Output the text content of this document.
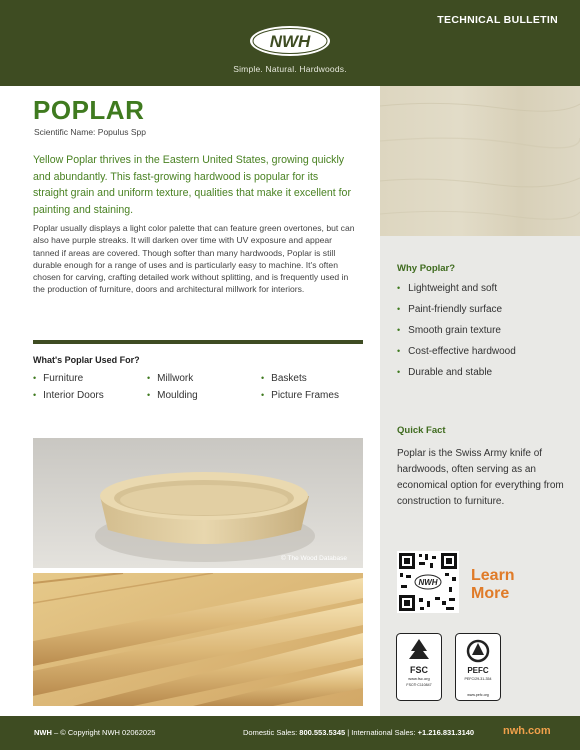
TECHNICAL BULLETIN
NWH
Simple. Natural. Hardwoods.
POPLAR
Scientific Name: Populus Spp

Yellow Poplar thrives in the Eastern United States, growing quickly and abundantly. This fast-growing hardwood is popular for its straight grain and uniform texture, qualities that make it excellent for painting and staining.

Poplar usually displays a light color palette that can feature green overtones, but can also have purple streaks. It will darken over time with UV exposure and appear tanned if areas are covered. Though softer than many hardwoods, Poplar is still durable enough for a range of uses and is particularly easy to machine. It's often chosen for carving, crafting detailed work without splitting, and is frequently used in the production of furniture, doors and architectural millwork for interiors.

What's Poplar Used For?
• Furniture	• Millwork	• Baskets
• Interior Doors	• Moulding	• Picture Frames
© The Wood Database
Why Poplar?
• Lightweight and soft
• Paint-friendly surface
• Smooth grain texture
• Cost-effective hardwood
• Durable and stable
Quick Fact

Poplar is the Swiss Army knife of hardwoods, often serving as an economical option for everything from construction to furniture.

NWH Learn
More
FSC
www.fsc.org
FSC® C110847
PEFC
PEFC/29-31-354
www.pefc.org
NWH – © Copyright NWH 02062025	Domestic Sales: 800.553.5345 | International Sales: +1.216.831.3140	nwh.com
